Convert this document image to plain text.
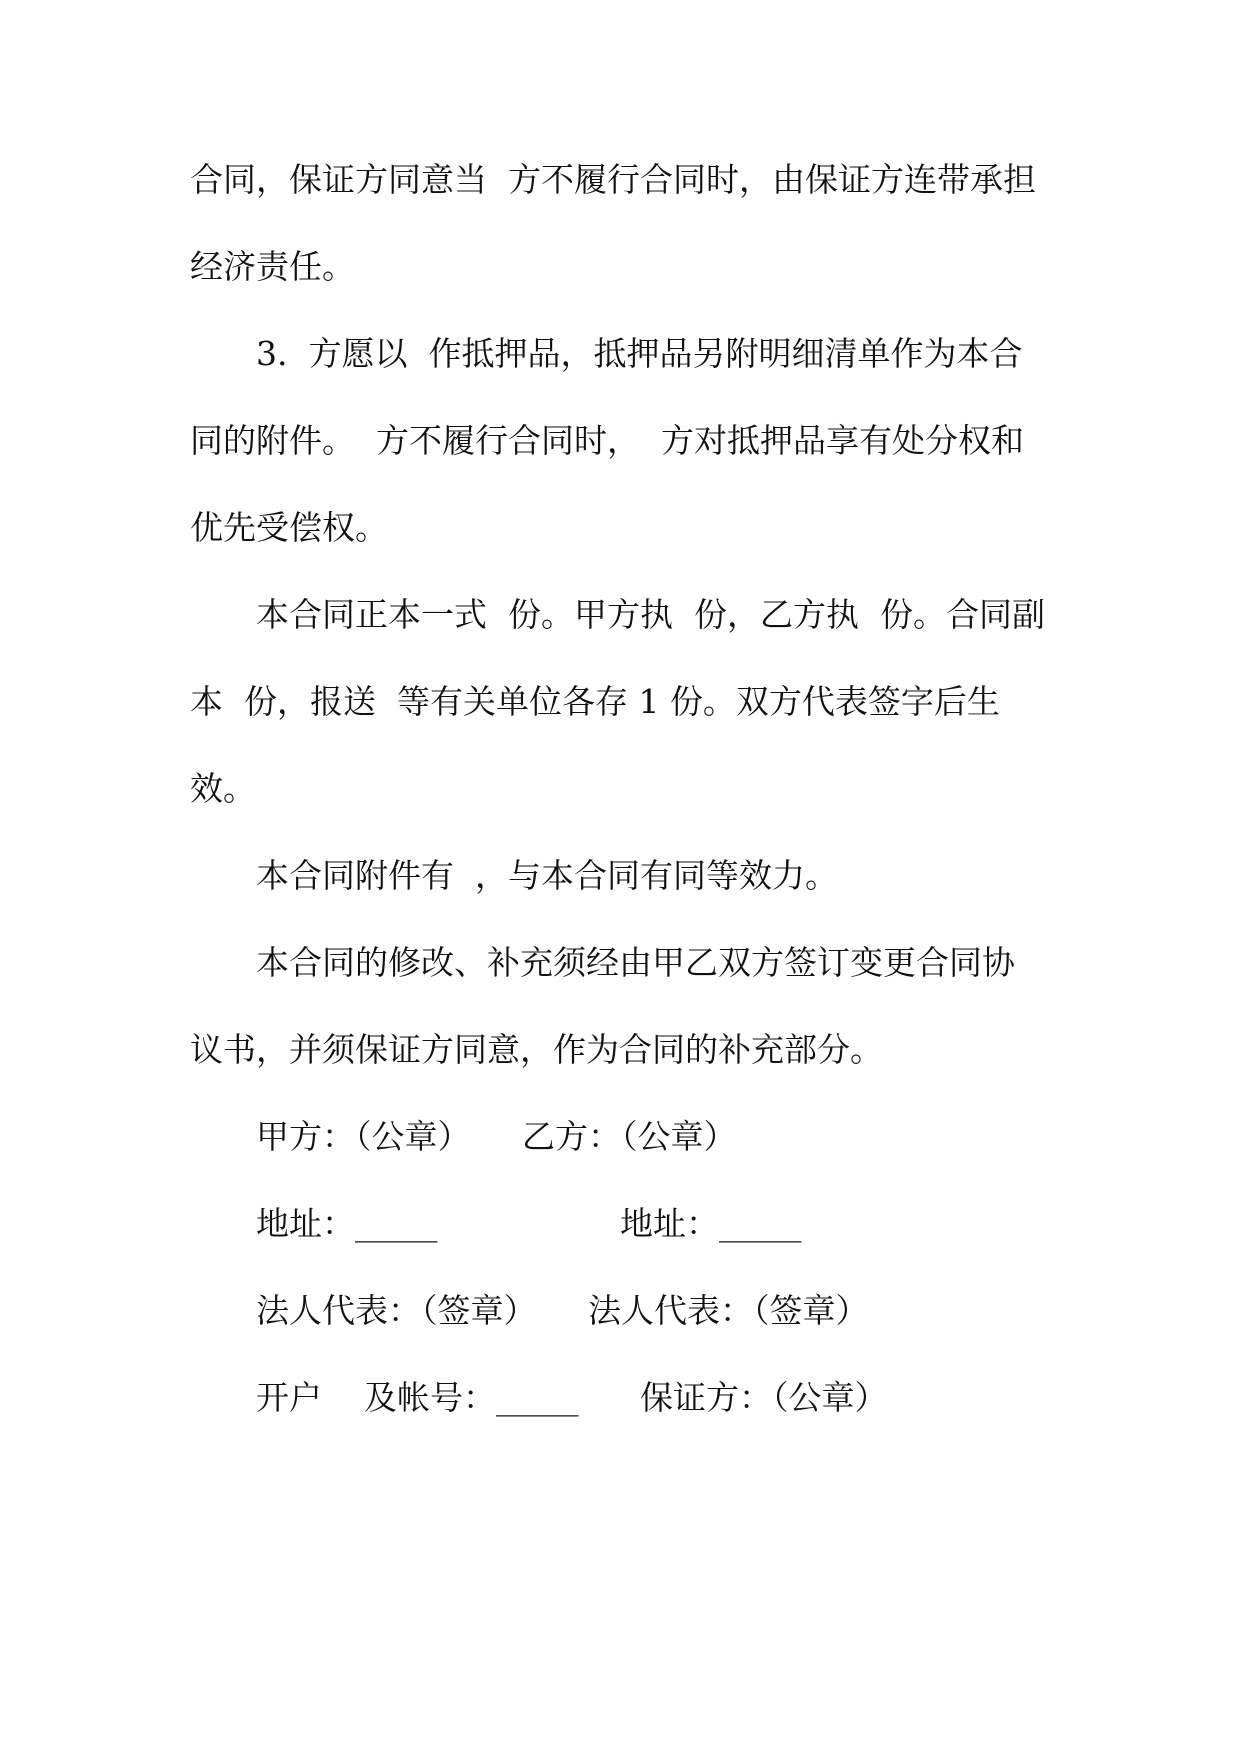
合同，保证方同意当  方不履行合同时，由保证方连带承担

经济责任。

3.  方愿以  作抵押品，抵押品另附明细清单作为本合

同的附件。  方不履行合同时，  方对抵押品享有处分权和

优先受偿权。

本合同正本一式  份。甲方执  份，乙方执  份。合同副

本  份，报送  等有关单位各存 1 份。双方代表签字后生

效。

本合同附件有  ，与本合同有同等效力。

本合同的修改、补充须经由甲乙双方签订变更合同协

议书，并须保证方同意，作为合同的补充部分。

甲方：（公章） 乙方：（公章）

地址：_____	地址：_____

法人代表：（签章） 法人代表：（签章）

开户    及帐号：_____ 保证方：（公章）
